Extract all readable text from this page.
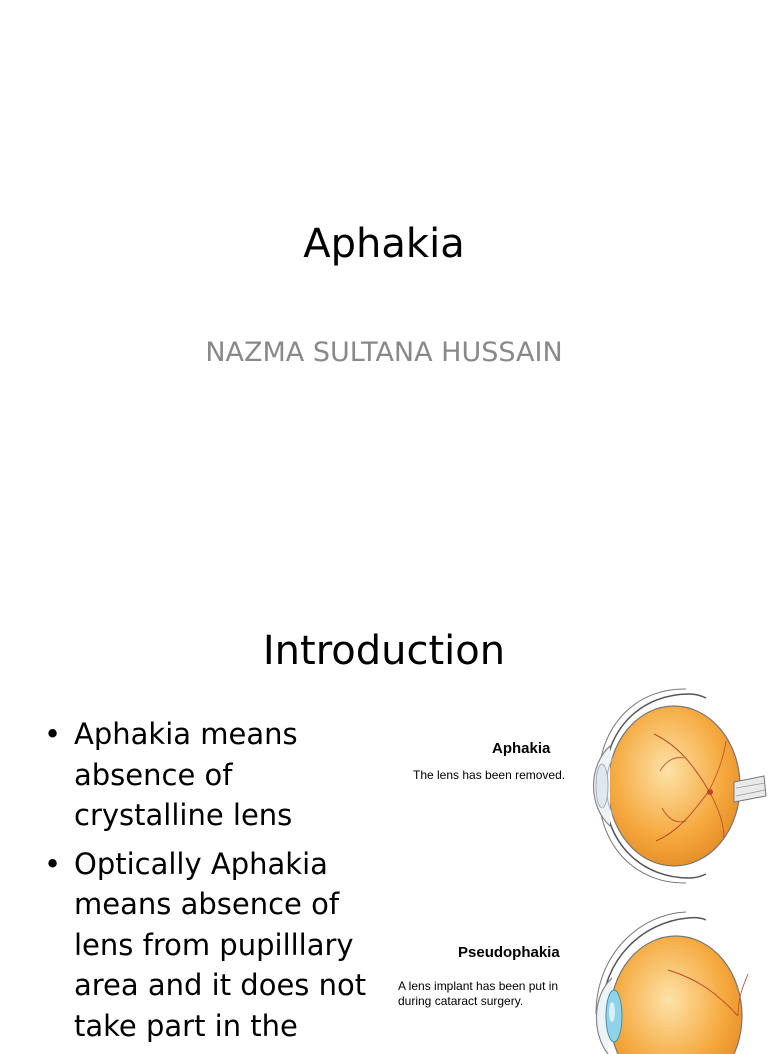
Aphakia
NAZMA SULTANA HUSSAIN
Introduction
• Aphakia means absence of crystalline lens
• Optically Aphakia means absence of lens from pupilllary area and it does not take part in the
Aphakia
The lens has been removed.
Pseudophakia
A lens implant has been put in
during cataract surgery.
